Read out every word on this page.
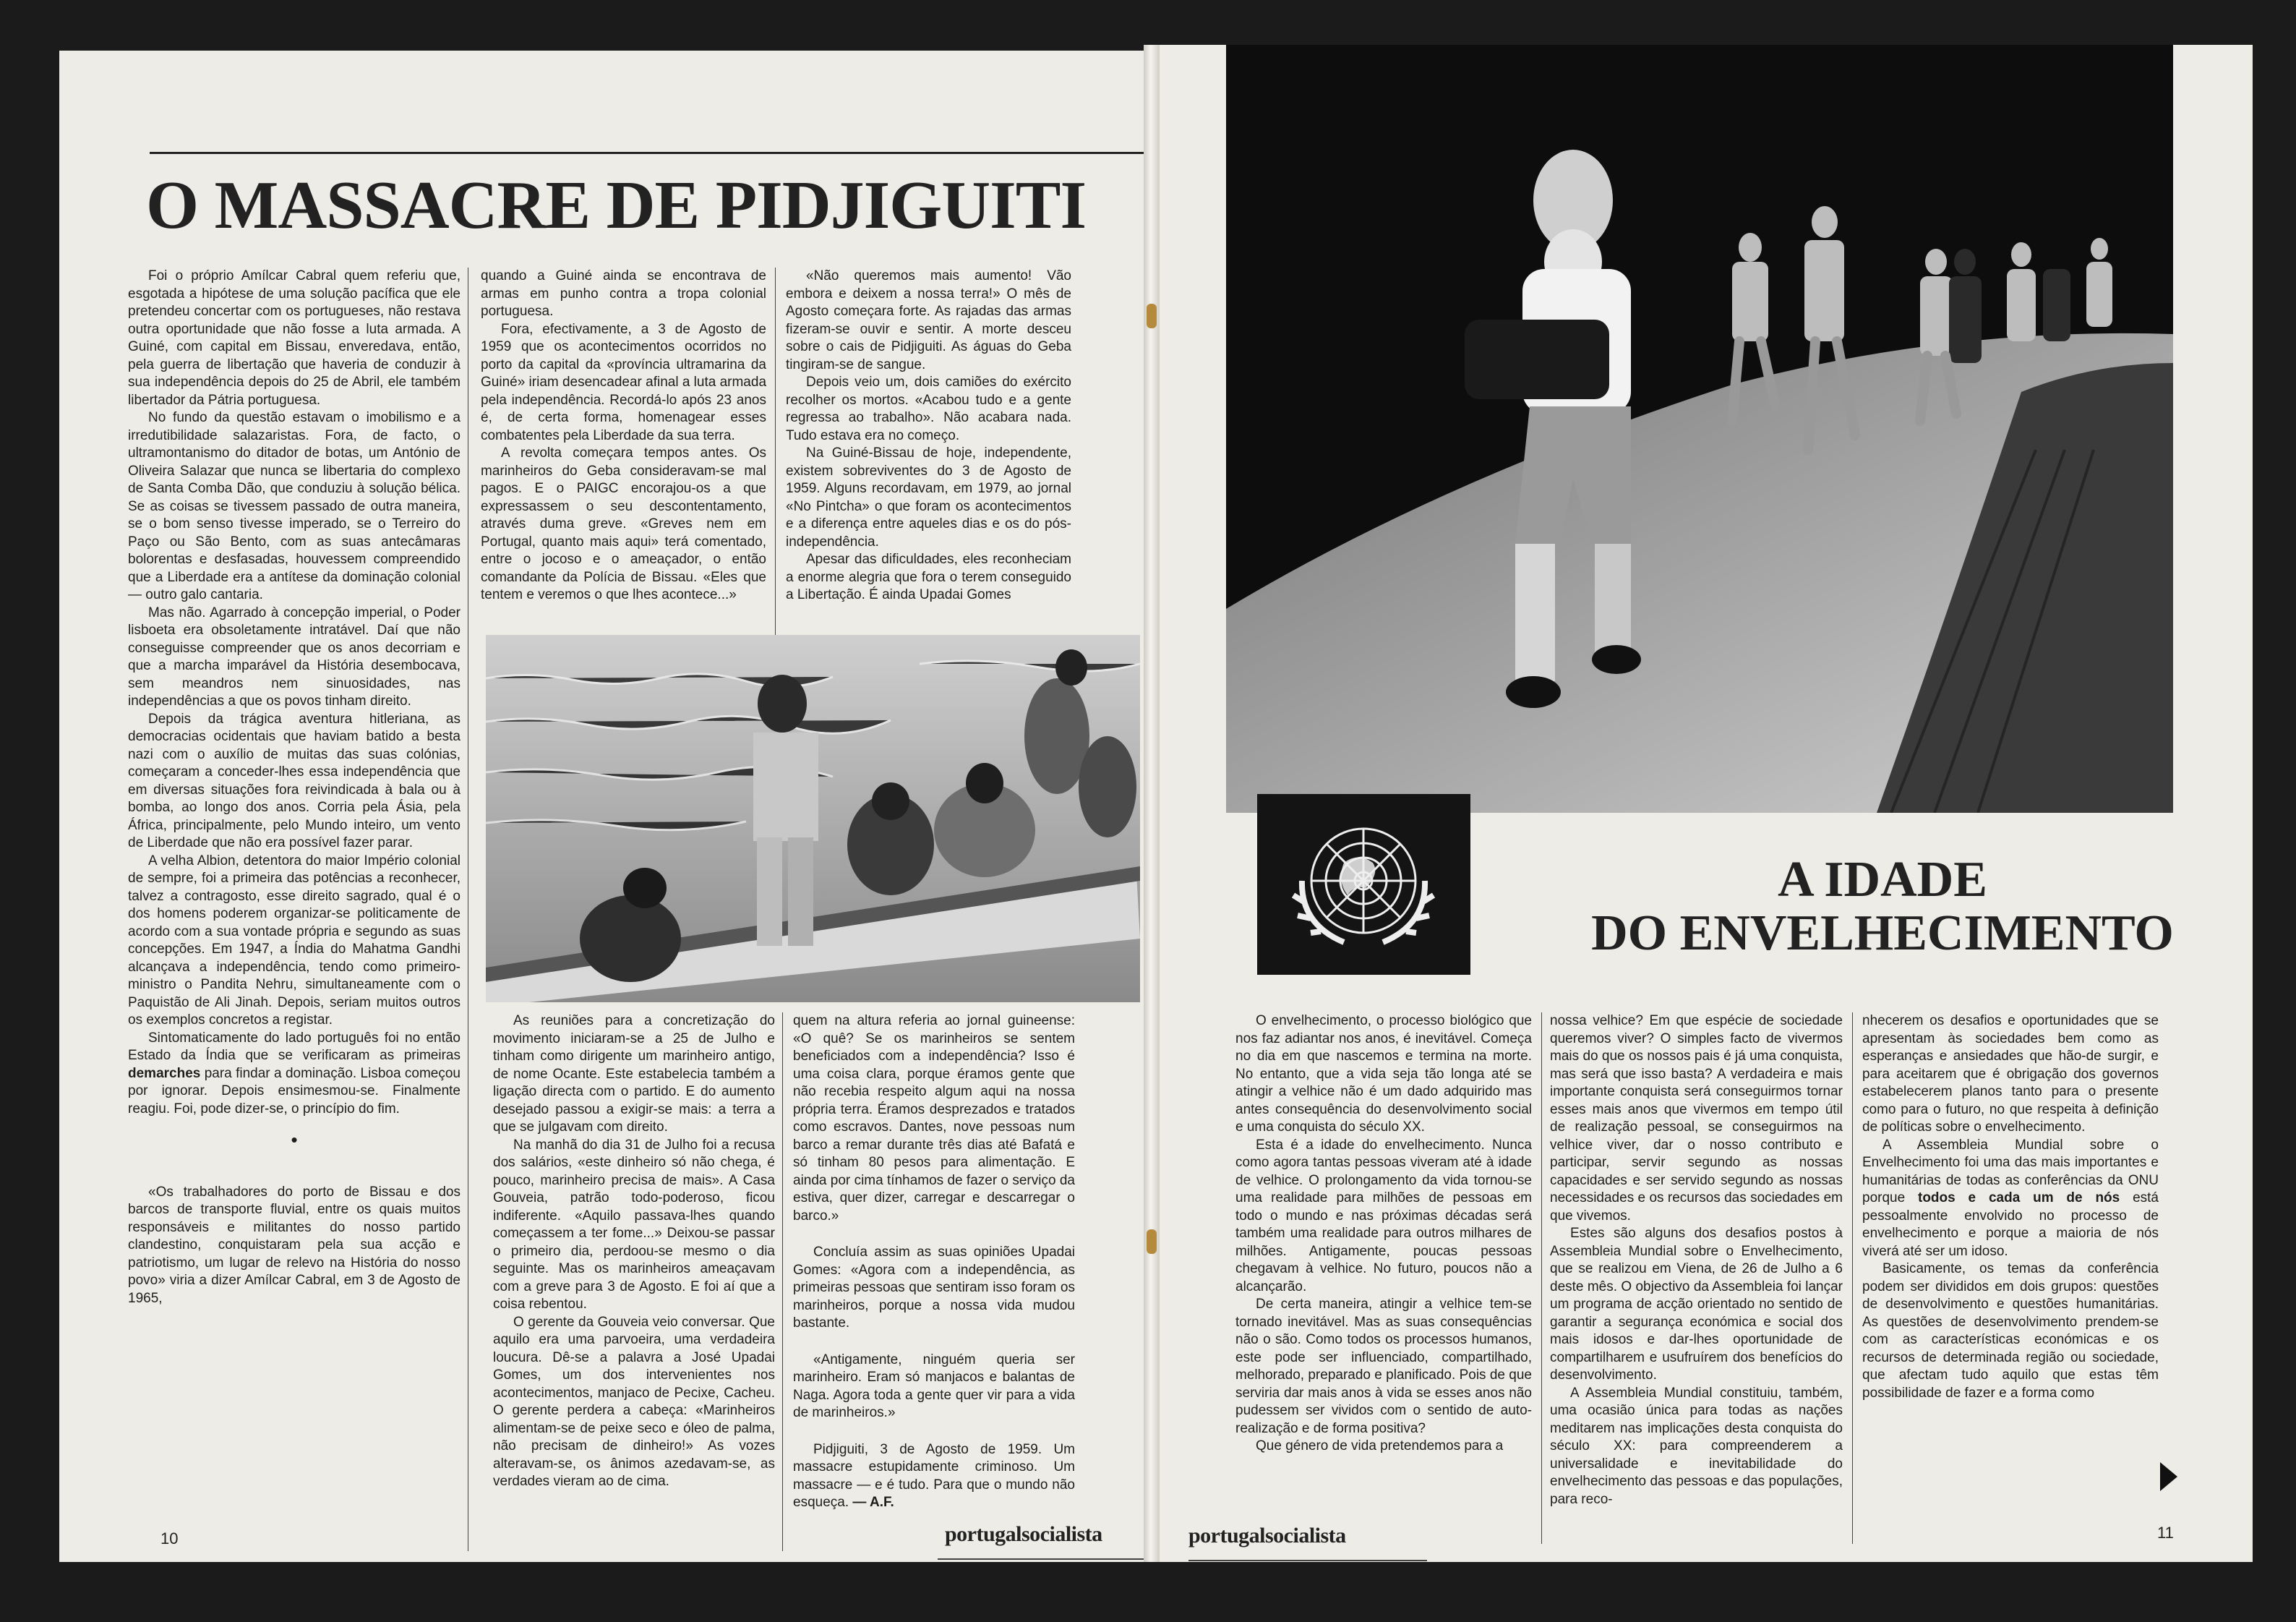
O MASSACRE DE PIDJIGUITI

Foi o próprio Amílcar Cabral quem referiu que, esgotada a hipótese de uma solução pacífica que ele pretendeu concertar com os portugueses, não restava outra oportunidade que não fosse a luta armada. A Guiné, com capital em Bissau, enveredava, então, pela guerra de libertação que haveria de conduzir à sua independência depois do 25 de Abril, ele também libertador da Pátria portuguesa.

No fundo da questão estavam o imobilismo e a irredutibilidade salazaristas. Fora, de facto, o ultramontanismo do ditador de botas, um António de Oliveira Salazar que nunca se libertaria do complexo de Santa Comba Dão, que conduziu à solução bélica. Se as coisas se tivessem passado de outra maneira, se o bom senso tivesse imperado, se o Terreiro do Paço ou São Bento, com as suas antecâmaras bolorentas e desfasadas, houvessem compreendido que a Liberdade era a antítese da dominação colonial — outro galo cantaria.

Mas não. Agarrado à concepção imperial, o Poder lisboeta era obsoletamente intratável. Daí que não conseguisse compreender que os anos decorriam e que a marcha imparável da História desembocava, sem meandros nem sinuosidades, nas independências a que os povos tinham direito.

Depois da trágica aventura hitleriana, as democracias ocidentais que haviam batido a besta nazi com o auxílio de muitas das suas colónias, começaram a conceder-lhes essa independência que em diversas situações fora reivindicada à bala ou à bomba, ao longo dos anos. Corria pela Ásia, pela África, principalmente, pelo Mundo inteiro, um vento de Liberdade que não era possível fazer parar.

A velha Albion, detentora do maior Império colonial de sempre, foi a primeira das potências a reconhecer, talvez a contragosto, esse direito sagrado, qual é o dos homens poderem organizar-se politicamente de acordo com a sua vontade própria e segundo as suas concepções. Em 1947, a Índia do Mahatma Gandhi alcançava a independência, tendo como primeiro-ministro o Pandita Nehru, simultaneamente com o Paquistão de Ali Jinah. Depois, seriam muitos outros os exemplos concretos a registar.

Sintomaticamente do lado português foi no então Estado da Índia que se verificaram as primeiras demarches para findar a dominação. Lisboa começou por ignorar. Depois ensimesmou-se. Finalmente reagiu. Foi, pode dizer-se, o princípio do fim.

•

«Os trabalhadores do porto de Bissau e dos barcos de transporte fluvial, entre os quais muitos responsáveis e militantes do nosso partido clandestino, conquistaram pela sua acção e patriotismo, um lugar de relevo na História do nosso povo» viria a dizer Amílcar Cabral, em 3 de Agosto de 1965,

quando a Guiné ainda se encontrava de armas em punho contra a tropa colonial portuguesa.

Fora, efectivamente, a 3 de Agosto de 1959 que os acontecimentos ocorridos no porto da capital da «província ultramarina da Guiné» iriam desencadear afinal a luta armada pela independência. Recordá-lo após 23 anos é, de certa forma, homenagear esses combatentes pela Liberdade da sua terra.

A revolta começara tempos antes. Os marinheiros do Geba consideravam-se mal pagos. E o PAIGC encorajou-os a que expressassem o seu descontentamento, através duma greve. «Greves nem em Portugal, quanto mais aqui» terá comentado, entre o jocoso e o ameaçador, o então comandante da Polícia de Bissau. «Eles que tentem e veremos o que lhes acontece...»

«Não queremos mais aumento! Vão embora e deixem a nossa terra!» O mês de Agosto começara forte. As rajadas das armas fizeram-se ouvir e sentir. A morte desceu sobre o cais de Pidjiguiti. As águas do Geba tingiram-se de sangue.

Depois veio um, dois camiões do exército recolher os mortos. «Acabou tudo e a gente regressa ao trabalho». Não acabara nada. Tudo estava era no começo.

Na Guiné-Bissau de hoje, independente, existem sobreviventes do 3 de Agosto de 1959. Alguns recordavam, em 1979, ao jornal «No Pintcha» o que foram os acontecimentos e a diferença entre aqueles dias e os do pós-independência.

Apesar das dificuldades, eles reconheciam a enorme alegria que fora o terem conseguido a Libertação. É ainda Upadai Gomes

As reuniões para a concretização do movimento iniciaram-se a 25 de Julho e tinham como dirigente um marinheiro antigo, de nome Ocante. Este estabelecia também a ligação directa com o partido. E do aumento desejado passou a exigir-se mais: a terra a que se julgavam com direito.

Na manhã do dia 31 de Julho foi a recusa dos salários, «este dinheiro só não chega, é pouco, marinheiro precisa de mais». A Casa Gouveia, patrão todo-poderoso, ficou indiferente. «Aquilo passava-lhes quando começassem a ter fome...» Deixou-se passar o primeiro dia, perdoou-se mesmo o dia seguinte. Mas os marinheiros ameaçavam com a greve para 3 de Agosto. E foi aí que a coisa rebentou.

O gerente da Gouveia veio conversar. Que aquilo era uma parvoeira, uma verdadeira loucura. Dê-se a palavra a José Upadai Gomes, um dos intervenientes nos acontecimentos, manjaco de Pecixe, Cacheu. O gerente perdera a cabeça: «Marinheiros alimentam-se de peixe seco e óleo de palma, não precisam de dinheiro!» As vozes alteravam-se, os ânimos azedavam-se, as verdades vieram ao de cima.

quem na altura referia ao jornal guineense: «O quê? Se os marinheiros se sentem beneficiados com a independência? Isso é uma coisa clara, porque éramos gente que não recebia respeito algum aqui na nossa própria terra. Éramos desprezados e tratados como escravos. Dantes, nove pessoas num barco a remar durante três dias até Bafatá e só tinham 80 pesos para alimentação. E ainda por cima tínhamos de fazer o serviço da estiva, quer dizer, carregar e descarregar o barco.»

Concluía assim as suas opiniões Upadai Gomes: «Agora com a independência, as primeiras pessoas que sentiram isso foram os marinheiros, porque a nossa vida mudou bastante.

«Antigamente, ninguém queria ser marinheiro. Eram só manjacos e balantas de Naga. Agora toda a gente quer vir para a vida de marinheiros.»

Pidjiguiti, 3 de Agosto de 1959. Um massacre estupidamente criminoso. Um massacre — e é tudo. Para que o mundo não esqueça. — A.F.

10	portugalsocialista
A IDADE
DO ENVELHECIMENTO

O envelhecimento, o processo biológico que nos faz adiantar nos anos, é inevitável. Começa no dia em que nascemos e termina na morte. No entanto, que a vida seja tão longa até se atingir a velhice não é um dado adquirido mas antes consequência do desenvolvimento social e uma conquista do século XX.

Esta é a idade do envelhecimento. Nunca como agora tantas pessoas viveram até à idade de velhice. O prolongamento da vida tornou-se uma realidade para milhões de pessoas em todo o mundo e nas próximas décadas será também uma realidade para outros milhares de milhões. Antigamente, poucas pessoas chegavam à velhice. No futuro, poucos não a alcançarão.

De certa maneira, atingir a velhice tem-se tornado inevitável. Mas as suas consequências não o são. Como todos os processos humanos, este pode ser influenciado, compartilhado, melhorado, preparado e planificado. Pois de que serviria dar mais anos à vida se esses anos não pudessem ser vividos com o sentido de auto-realização e de forma positiva?

Que género de vida pretendemos para a

nossa velhice? Em que espécie de sociedade queremos viver? O simples facto de vivermos mais do que os nossos pais é já uma conquista, mas será que isso basta? A verdadeira e mais importante conquista será conseguirmos tornar esses mais anos que vivermos em tempo útil de realização pessoal, se conseguirmos na velhice viver, dar o nosso contributo e participar, servir segundo as nossas capacidades e ser servido segundo as nossas necessidades e os recursos das sociedades em que vivemos.

Estes são alguns dos desafios postos à Assembleia Mundial sobre o Envelhecimento, que se realizou em Viena, de 26 de Julho a 6 deste mês. O objectivo da Assembleia foi lançar um programa de acção orientado no sentido de garantir a segurança económica e social dos mais idosos e dar-lhes oportunidade de compartilharem e usufruírem dos benefícios do desenvolvimento.

A Assembleia Mundial constituiu, também, uma ocasião única para todas as nações meditarem nas implicações desta conquista do século XX: para compreenderem a universalidade e inevitabilidade do envelhecimento das pessoas e das populações, para reco-

nhecerem os desafios e oportunidades que se apresentam às sociedades bem como as esperanças e ansiedades que hão-de surgir, e para aceitarem que é obrigação dos governos estabelecerem planos tanto para o presente como para o futuro, no que respeita à definição de políticas sobre o envelhecimento.

A Assembleia Mundial sobre o Envelhecimento foi uma das mais importantes e humanitárias de todas as conferências da ONU porque todos e cada um de nós está pessoalmente envolvido no processo de envelhecimento e porque a maioria de nós viverá até ser um idoso.

Basicamente, os temas da conferência podem ser divididos em dois grupos: questões de desenvolvimento e questões humanitárias. As questões de desenvolvimento prendem-se com as características económicas e os recursos de determinada região ou sociedade, que afectam tudo aquilo que estas têm possibilidade de fazer e a forma como

portugalsocialista	11
